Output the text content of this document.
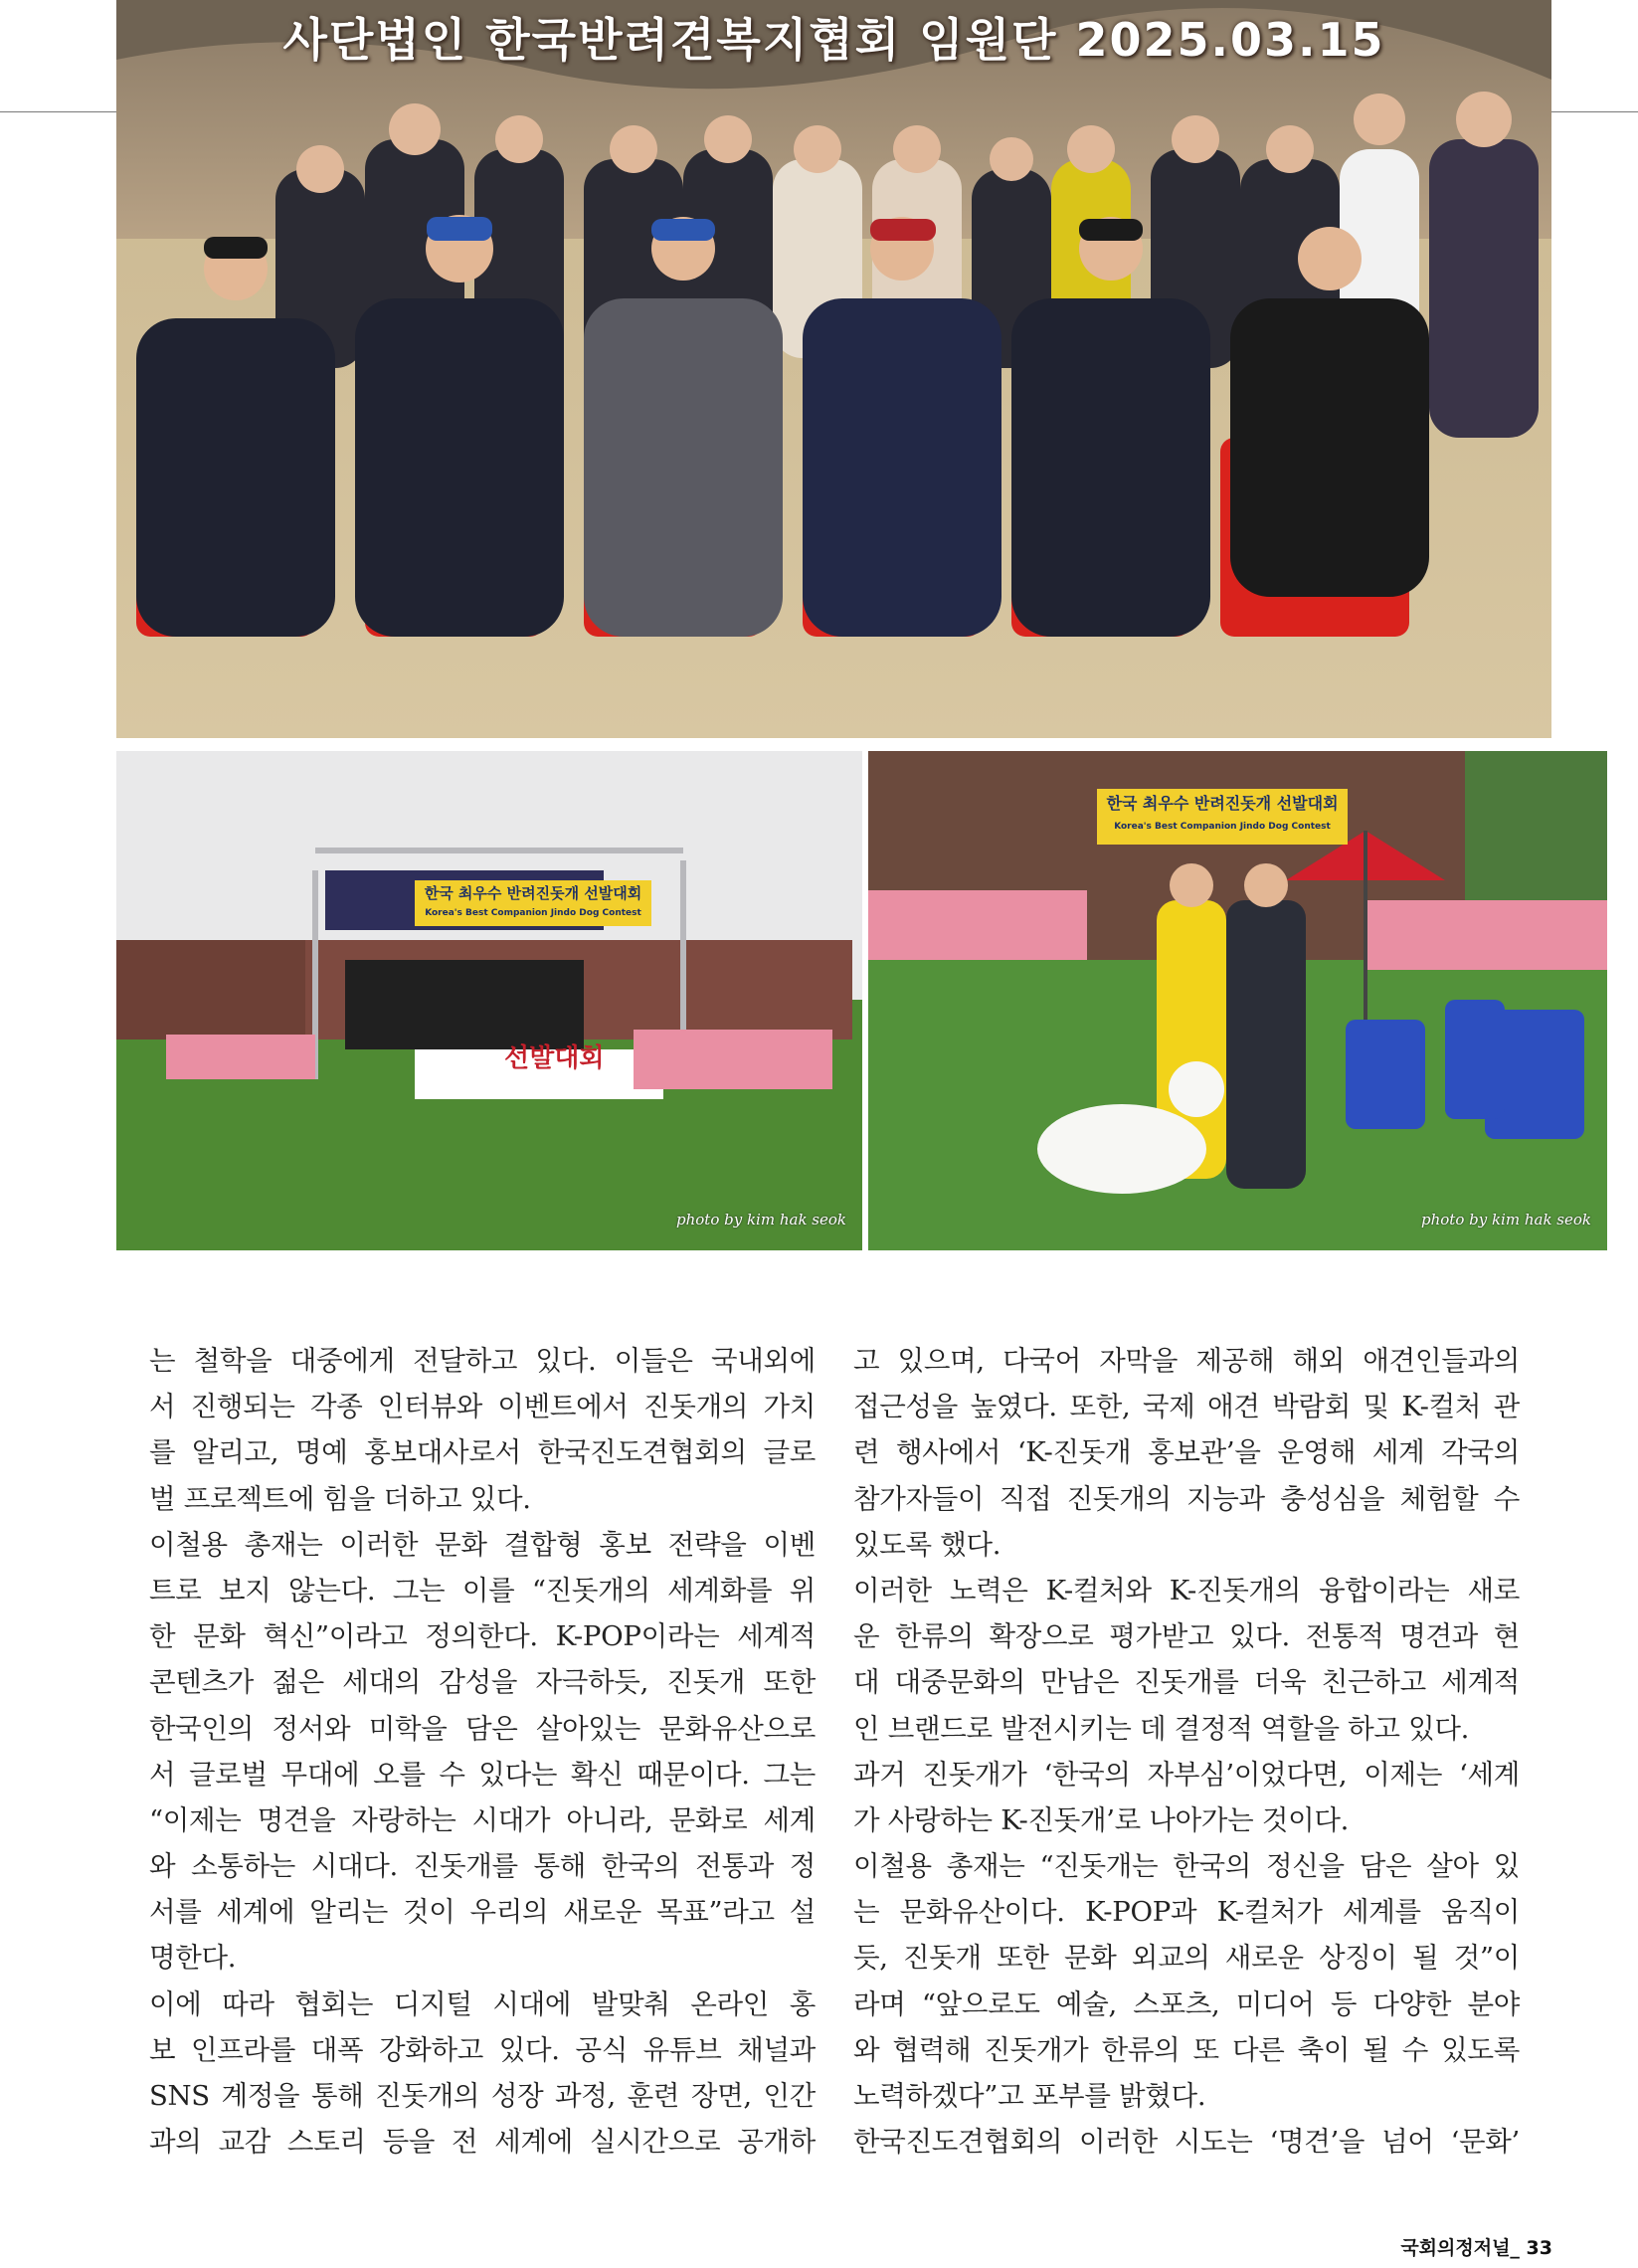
사단법인 한국반려견복지협회 임원단 2025.03.15
한국 최우수 반려진돗개 선발대회
Korea's Best Companion Jindo Dog Contest
선발대회
photo by kim hak seok
한국 최우수 반려진돗개 선발대회
Korea's Best Companion Jindo Dog Contest
photo by kim hak seok
는 철학을 대중에게 전달하고 있다. 이들은 국내외에
서 진행되는 각종 인터뷰와 이벤트에서 진돗개의 가치
를 알리고, 명예 홍보대사로서 한국진도견협회의 글로
벌 프로젝트에 힘을 더하고 있다.
이철용 총재는 이러한 문화 결합형 홍보 전략을 이벤
트로 보지 않는다. 그는 이를 “진돗개의 세계화를 위
한 문화 혁신”이라고 정의한다. K-POP이라는 세계적
콘텐츠가 젊은 세대의 감성을 자극하듯, 진돗개 또한
한국인의 정서와 미학을 담은 살아있는 문화유산으로
서 글로벌 무대에 오를 수 있다는 확신 때문이다. 그는
“이제는 명견을 자랑하는 시대가 아니라, 문화로 세계
와 소통하는 시대다. 진돗개를 통해 한국의 전통과 정
서를 세계에 알리는 것이 우리의 새로운 목표”라고 설
명한다.
이에 따라 협회는 디지털 시대에 발맞춰 온라인 홍
보 인프라를 대폭 강화하고 있다. 공식 유튜브 채널과
SNS 계정을 통해 진돗개의 성장 과정, 훈련 장면, 인간
과의 교감 스토리 등을 전 세계에 실시간으로 공개하
고 있으며, 다국어 자막을 제공해 해외 애견인들과의
접근성을 높였다. 또한, 국제 애견 박람회 및 K-컬처 관
련 행사에서 ‘K-진돗개 홍보관’을 운영해 세계 각국의
참가자들이 직접 진돗개의 지능과 충성심을 체험할 수
있도록 했다.
이러한 노력은 K-컬처와 K-진돗개의 융합이라는 새로
운 한류의 확장으로 평가받고 있다. 전통적 명견과 현
대 대중문화의 만남은 진돗개를 더욱 친근하고 세계적
인 브랜드로 발전시키는 데 결정적 역할을 하고 있다.
과거 진돗개가 ‘한국의 자부심’이었다면, 이제는 ‘세계
가 사랑하는 K-진돗개’로 나아가는 것이다.
이철용 총재는 “진돗개는 한국의 정신을 담은 살아 있
는 문화유산이다. K-POP과 K-컬처가 세계를 움직이
듯, 진돗개 또한 문화 외교의 새로운 상징이 될 것”이
라며 “앞으로도 예술, 스포츠, 미디어 등 다양한 분야
와 협력해 진돗개가 한류의 또 다른 축이 될 수 있도록
노력하겠다”고 포부를 밝혔다.
한국진도견협회의 이러한 시도는 ‘명견’을 넘어 ‘문화’
국회의정저널_ 33
